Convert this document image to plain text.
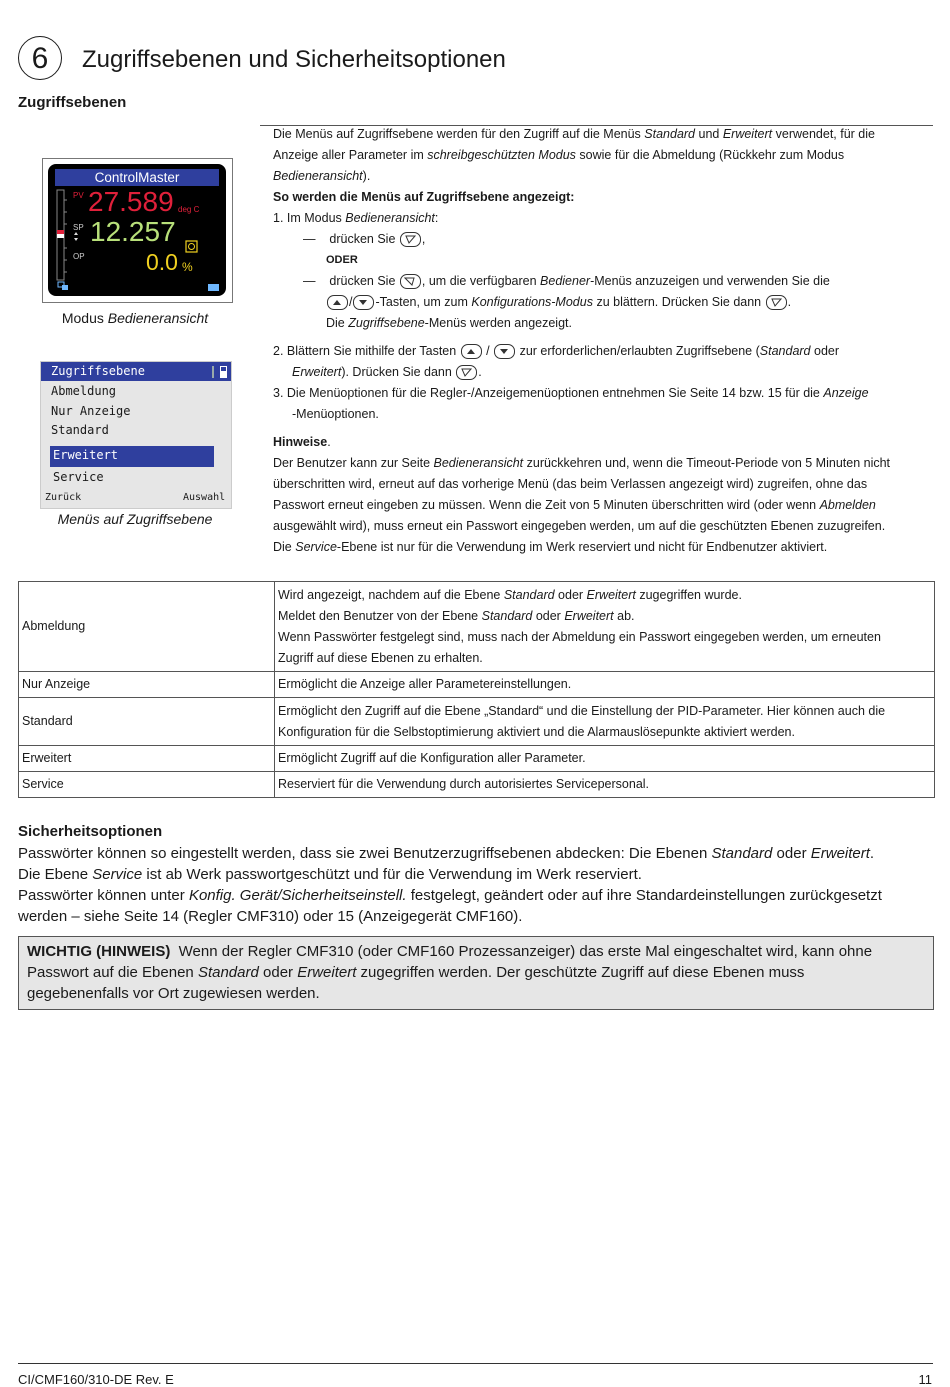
6	Zugriffsebenen und Sicherheitsoptionen
Zugriffsebenen
ControlMaster
PV 27.589 deg C
SP 12.257
OP	0.0 %
Modus Bedieneransicht
Zugriffsebene
Abmeldung
Nur Anzeige
Standard
Erweitert
Service
Zurück	Auswahl
Menüs auf Zugriffsebene
Die Menüs auf Zugriffsebene werden für den Zugriff auf die Menüs Standard und Erweitert verwendet, für die
Anzeige aller Parameter im schreibgeschützten Modus sowie für die Abmeldung (Rückkehr zum Modus
Bedieneransicht).
So werden die Menüs auf Zugriffsebene angezeigt:
1. Im Modus Bedieneransicht:
—    drücken Sie ,
ODER
—    drücken Sie , um die verfügbaren Bediener-Menüs anzuzeigen und verwenden Sie die
/ -Tasten, um zum Konfigurations-Modus zu blättern. Drücken Sie dann .
Die Zugriffsebene-Menüs werden angezeigt.
2. Blättern Sie mithilfe der Tasten
/
zur erforderlichen/erlaubten Zugriffsebene (Standard oder
Erweitert). Drücken Sie dann .
3. Die Menüoptionen für die Regler-/Anzeigemenüoptionen entnehmen Sie Seite 14 bzw. 15 für die Anzeige
-Menüoptionen.
Hinweise.
Der Benutzer kann zur Seite Bedieneransicht zurückkehren und, wenn die Timeout-Periode von 5 Minuten nicht
überschritten wird, erneut auf das vorherige Menü (das beim Verlassen angezeigt wird) zugreifen, ohne das
Passwort erneut eingeben zu müssen. Wenn die Zeit von 5 Minuten überschritten wird (oder wenn Abmelden
ausgewählt wird), muss erneut ein Passwort eingegeben werden, um auf die geschützten Ebenen zuzugreifen.
Die Service-Ebene ist nur für die Verwendung im Werk reserviert und nicht für Endbenutzer aktiviert.
Abmeldung	Wird angezeigt, nachdem auf die Ebene Standard oder Erweitert zugegriffen wurde.
Meldet den Benutzer von der Ebene Standard oder Erweitert ab.
Wenn Passwörter festgelegt sind, muss nach der Abmeldung ein Passwort eingegeben werden, um erneuten
Zugriff auf diese Ebenen zu erhalten.

Nur Anzeige	Ermöglicht die Anzeige aller Parametereinstellungen.
Standard	Ermöglicht den Zugriff auf die Ebene „Standard“ und die Einstellung der PID-Parameter. Hier können auch die
Konfiguration für die Selbstoptimierung aktiviert und die Alarmauslösepunkte aktiviert werden.

Erweitert	Ermöglicht Zugriff auf die Konfiguration aller Parameter.
Service	Reserviert für die Verwendung durch autorisiertes Servicepersonal.
Sicherheitsoptionen
Passwörter können so eingestellt werden, dass sie zwei Benutzerzugriffsebenen abdecken: Die Ebenen Standard oder Erweitert.
Die Ebene Service ist ab Werk passwortgeschützt und für die Verwendung im Werk reserviert.
Passwörter können unter Konfig. Gerät/Sicherheitseinstell. festgelegt, geändert oder auf ihre Standardeinstellungen zurückgesetzt
werden – siehe Seite 14 (Regler CMF310) oder 15 (Anzeigegerät CMF160).
WICHTIG (HINWEIS) Wenn der Regler CMF310 (oder CMF160 Prozessanzeiger) das erste Mal eingeschaltet wird, kann ohne
Passwort auf die Ebenen Standard oder Erweitert zugegriffen werden. Der geschützte Zugriff auf diese Ebenen muss
gegebenenfalls vor Ort zugewiesen werden.
CI/CMF160/310-DE Rev. E	11
